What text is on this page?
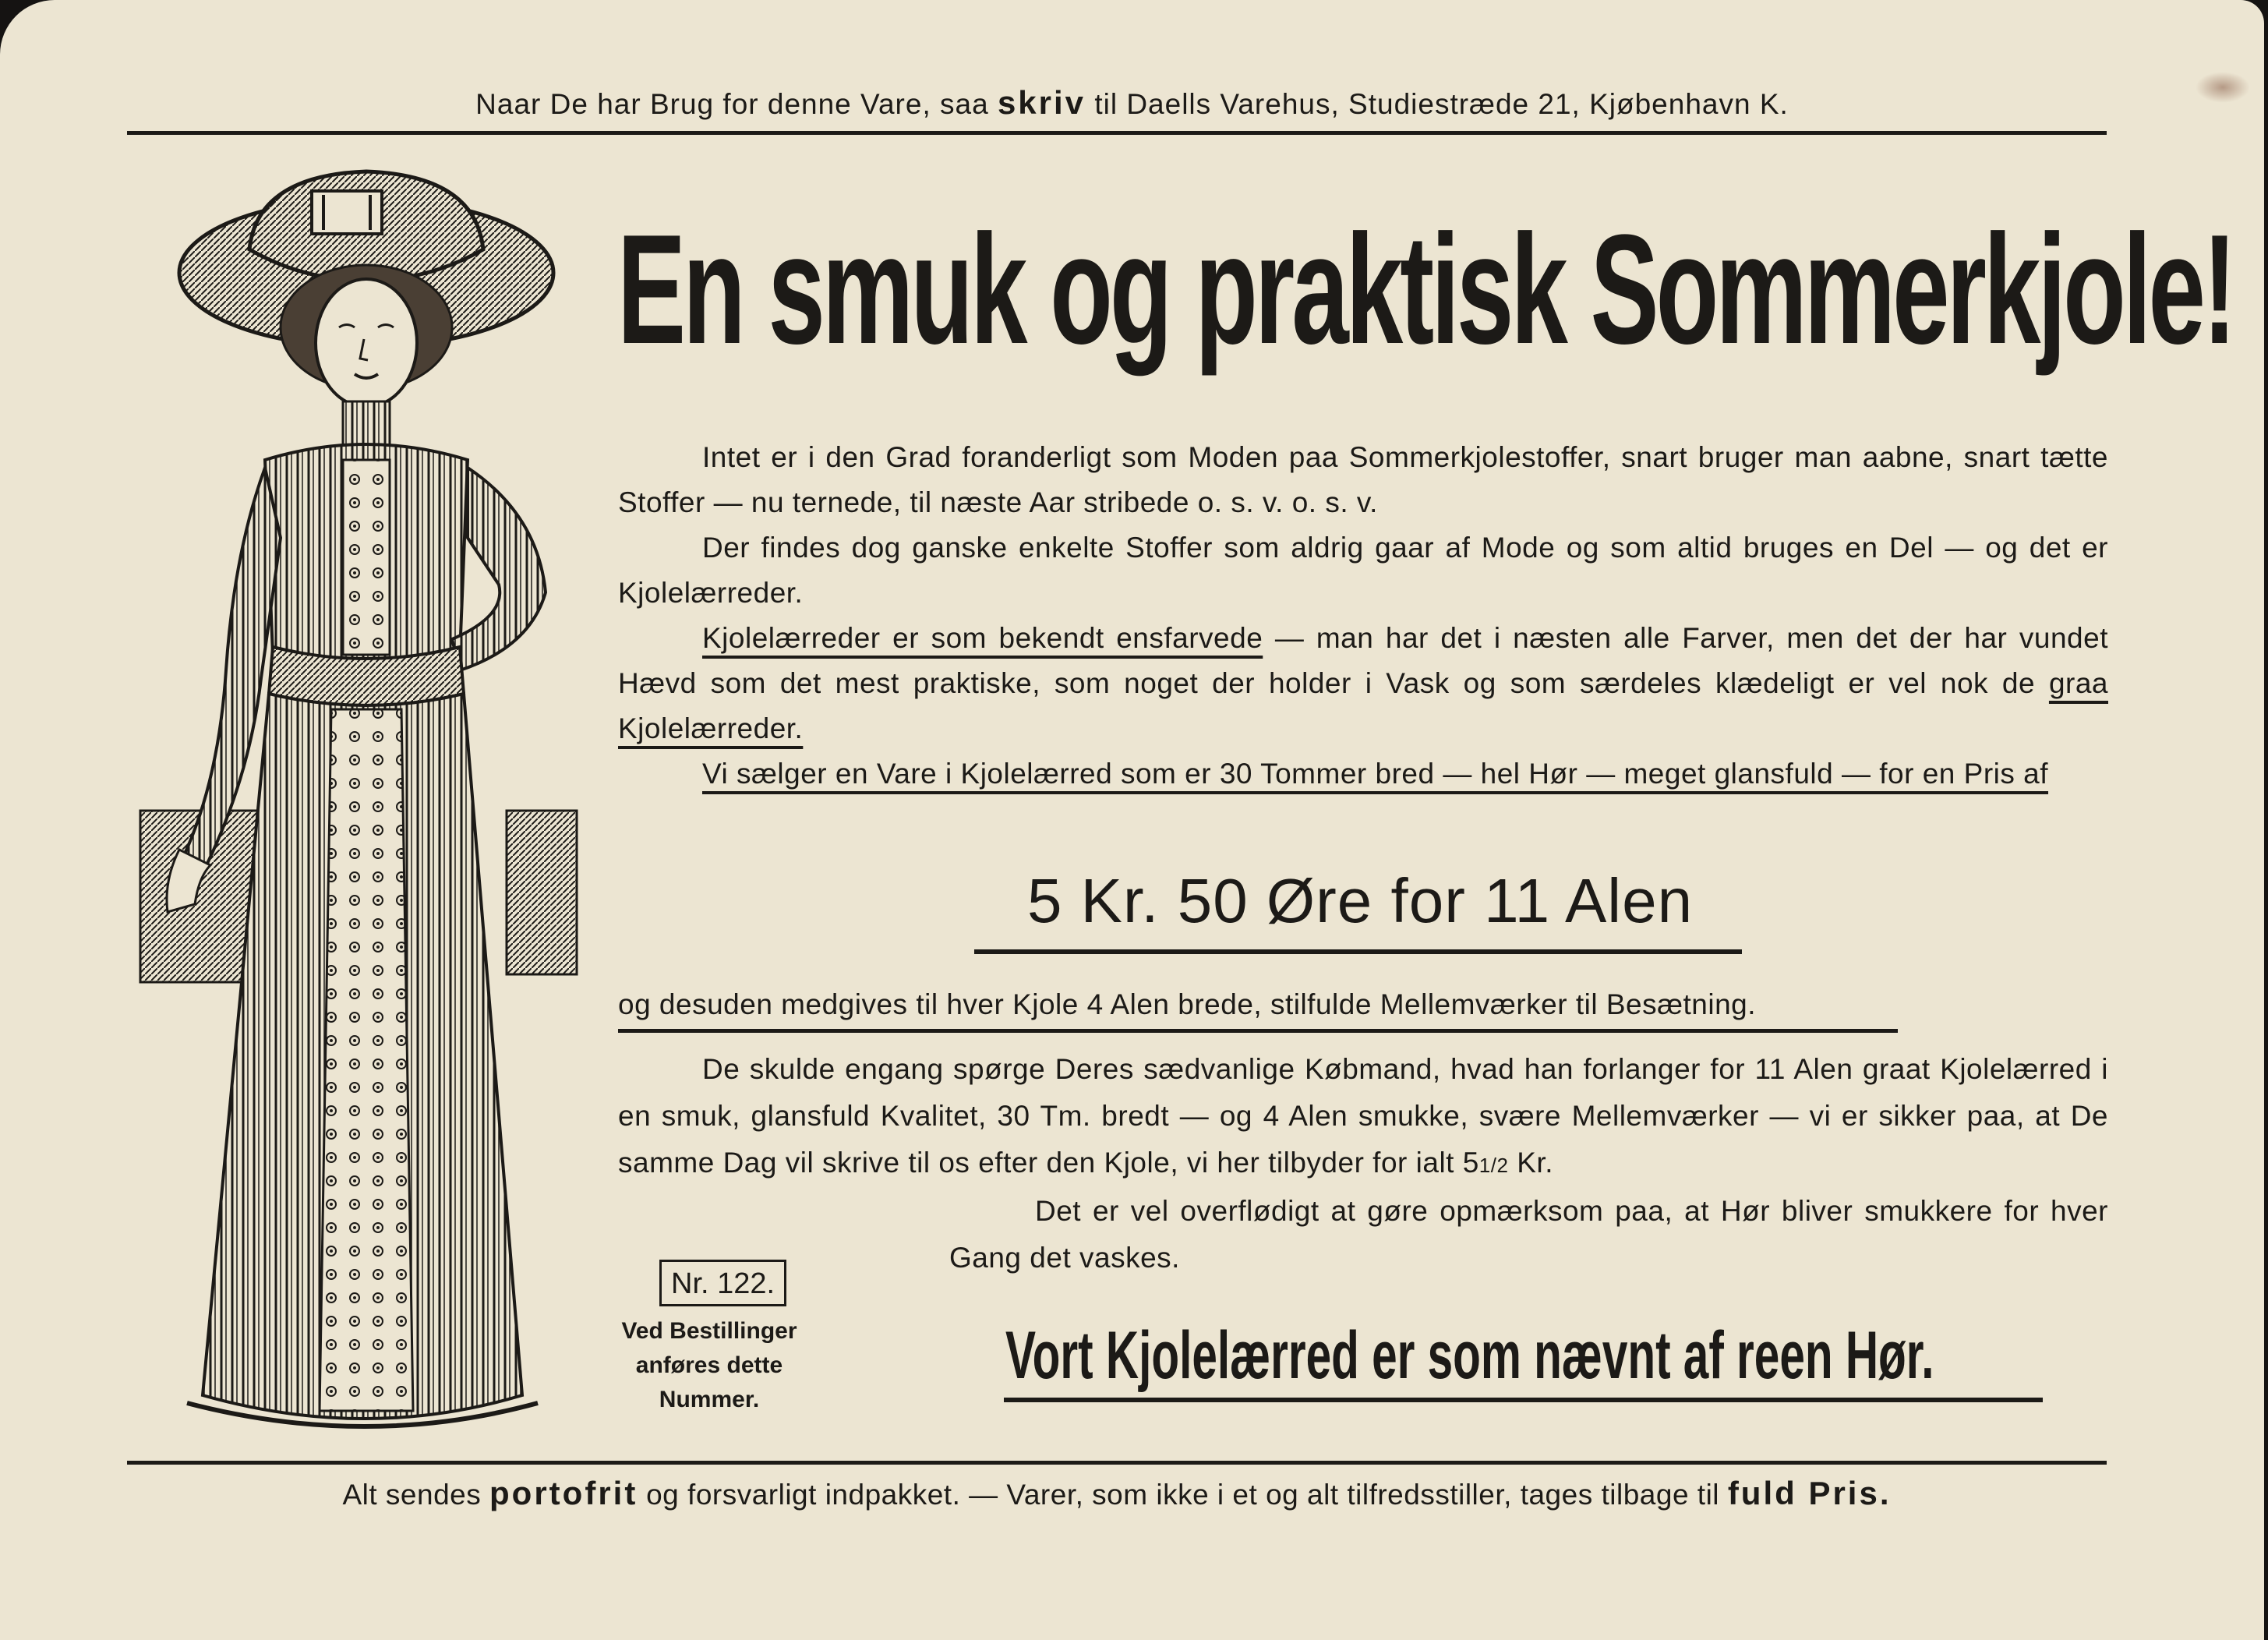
Naar De har Brug for denne Vare, saa skriv til Daells Varehus, Studiestræde 21, Kjøbenhavn K.
En smuk og praktisk Sommerkjole!

Intet er i den Grad foranderligt som Moden paa Sommerkjolestoffer, snart bruger man aabne, snart tætte Stoffer — nu ternede, til næste Aar stribede o. s. v. o. s. v.

Der findes dog ganske enkelte Stoffer som aldrig gaar af Mode og som altid bruges en Del — og det er Kjolelærreder.

Kjolelærreder er som bekendt ensfarvede — man har det i næsten alle Farver, men det der har vundet Hævd som det mest praktiske, som noget der holder i Vask og som særdeles klædeligt er vel nok de graa Kjolelærreder.

Vi sælger en Vare i Kjolelærred som er 30 Tommer bred — hel Hør — meget glansfuld — for en Pris af

5 Kr. 50 Øre for 11 Alen
og desuden medgives til hver Kjole 4 Alen brede, stilfulde Mellemværker til Besætning.

De skulde engang spørge Deres sædvanlige Købmand, hvad han forlanger for 11 Alen graat Kjolelærred i en smuk, glansfuld Kvalitet, 30 Tm. bredt — og 4 Alen smukke, svære Mellemværker — vi er sikker paa, at De samme Dag vil skrive til os efter den Kjole, vi her tilbyder for ialt 51/2 Kr.

Det er vel overflødigt at gøre opmærksom paa, at Hør bliver smukkere for hver Gang det vaskes.

Nr. 122.
Ved Bestillinger anføres dette Nummer.
Vort Kjolelærred er som nævnt af reen Hør.
Alt sendes portofrit og forsvarligt indpakket. — Varer, som ikke i et og alt tilfredsstiller, tages tilbage til fuld Pris.
